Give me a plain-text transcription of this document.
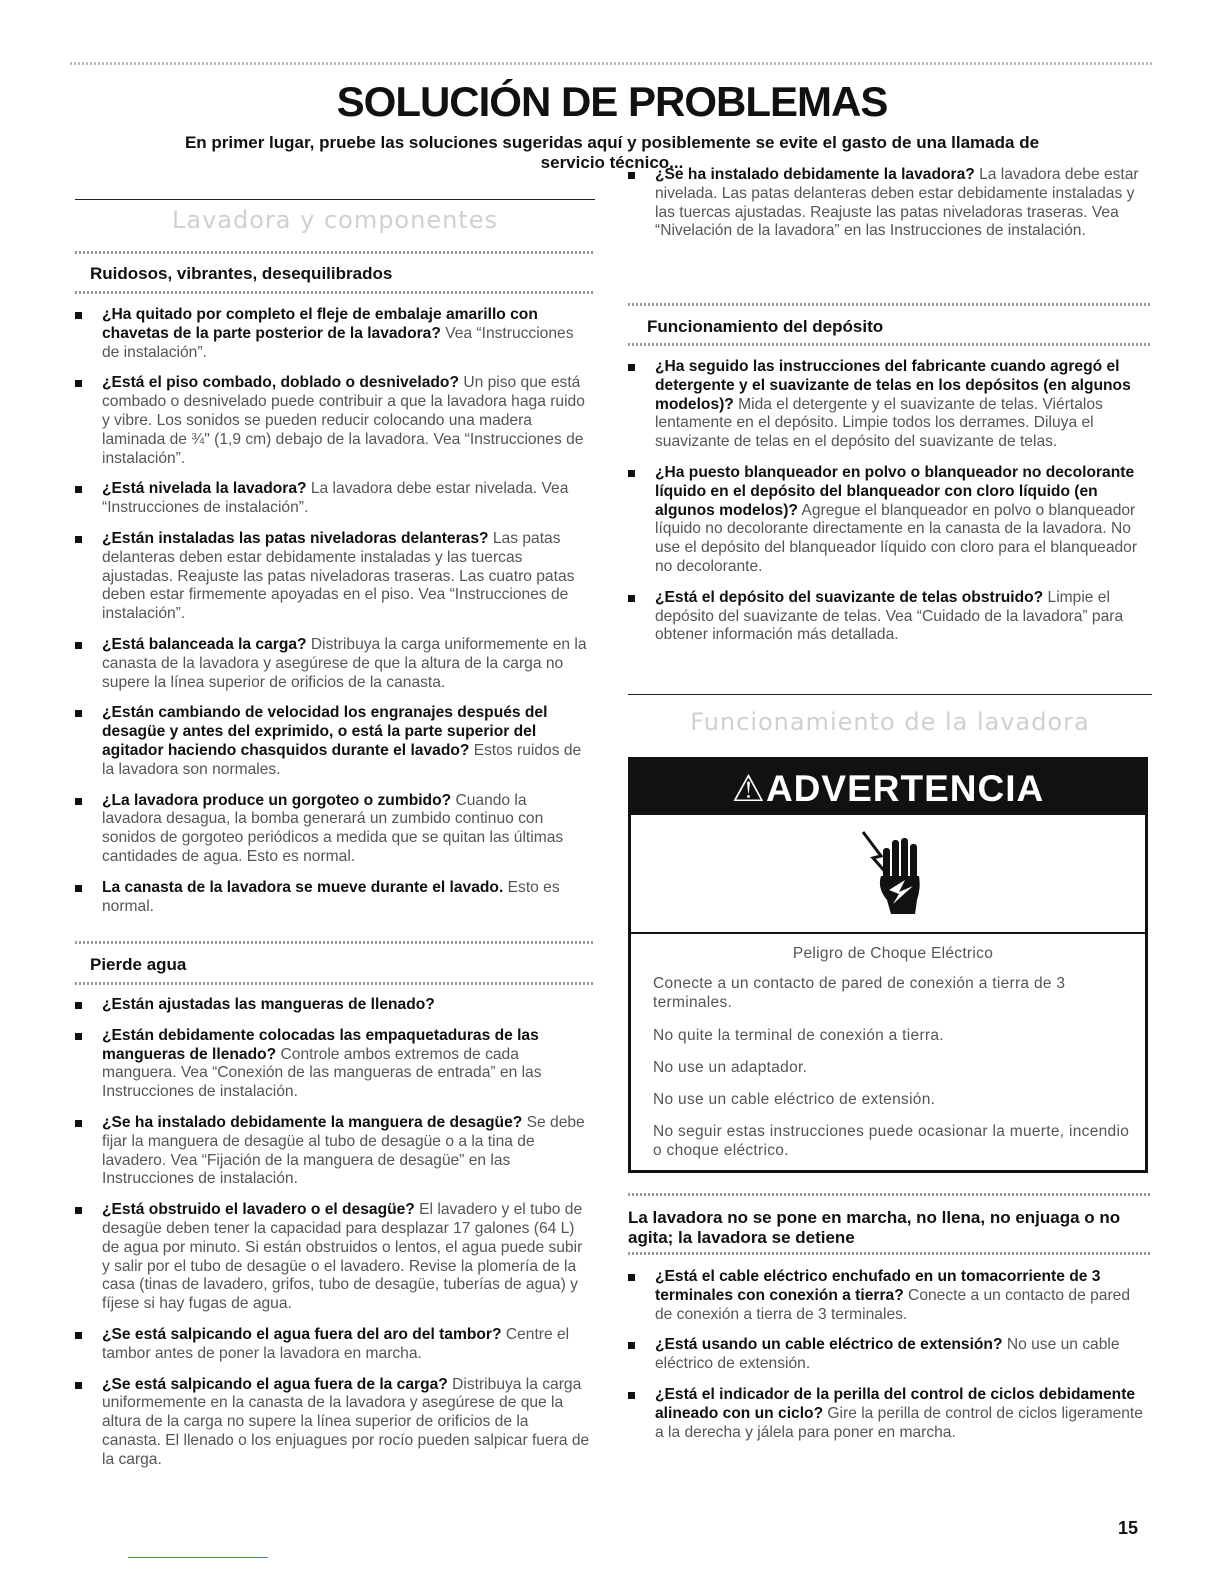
SOLUCIÓN DE PROBLEMAS
En primer lugar, pruebe las soluciones sugeridas aquí y posiblemente se evite el gasto de una llamada de servicio técnico...
Lavadora y componentes
Ruidosos, vibrantes, desequilibrados
¿Ha quitado por completo el fleje de embalaje amarillo con chavetas de la parte posterior de la lavadora? Vea “Instrucciones de instalación”.
¿Está el piso combado, doblado o desnivelado? Un piso que está combado o desnivelado puede contribuir a que la lavadora haga ruido y vibre. Los sonidos se pueden reducir colocando una madera laminada de ¾" (1,9 cm) debajo de la lavadora. Vea “Instrucciones de instalación”.
¿Está nivelada la lavadora? La lavadora debe estar nivelada. Vea “Instrucciones de instalación”.
¿Están instaladas las patas niveladoras delanteras? Las patas delanteras deben estar debidamente instaladas y las tuercas ajustadas. Reajuste las patas niveladoras traseras. Las cuatro patas deben estar firmemente apoyadas en el piso. Vea “Instrucciones de instalación”.
¿Está balanceada la carga? Distribuya la carga uniformemente en la canasta de la lavadora y asegúrese de que la altura de la carga no supere la línea superior de orificios de la canasta.
¿Están cambiando de velocidad los engranajes después del desagüe y antes del exprimido, o está la parte superior del agitador haciendo chasquidos durante el lavado? Estos ruidos de la lavadora son normales.
¿La lavadora produce un gorgoteo o zumbido? Cuando la lavadora desagua, la bomba generará un zumbido continuo con sonidos de gorgoteo periódicos a medida que se quitan las últimas cantidades de agua. Esto es normal.
La canasta de la lavadora se mueve durante el lavado. Esto es normal.
Pierde agua
¿Están ajustadas las mangueras de llenado?
¿Están debidamente colocadas las empaquetaduras de las mangueras de llenado? Controle ambos extremos de cada manguera. Vea “Conexión de las mangueras de entrada” en las Instrucciones de instalación.
¿Se ha instalado debidamente la manguera de desagüe? Se debe fijar la manguera de desagüe al tubo de desagüe o a la tina de lavadero. Vea “Fijación de la manguera de desagüe” en las Instrucciones de instalación.
¿Está obstruido el lavadero o el desagüe? El lavadero y el tubo de desagüe deben tener la capacidad para desplazar 17 galones (64 L) de agua por minuto. Si están obstruidos o lentos, el agua puede subir y salir por el tubo de desagüe o el lavadero. Revise la plomería de la casa (tinas de lavadero, grifos, tubo de desagüe, tuberías de agua) y fíjese si hay fugas de agua.
¿Se está salpicando el agua fuera del aro del tambor? Centre el tambor antes de poner la lavadora en marcha.
¿Se está salpicando el agua fuera de la carga? Distribuya la carga uniformemente en la canasta de la lavadora y asegúrese de que la altura de la carga no supere la línea superior de orificios de la canasta. El llenado o los enjuagues por rocío pueden salpicar fuera de la carga.
¿Se ha instalado debidamente la lavadora? La lavadora debe estar nivelada. Las patas delanteras deben estar debidamente instaladas y las tuercas ajustadas. Reajuste las patas niveladoras traseras. Vea “Nivelación de la lavadora” en las Instrucciones de instalación.
Funcionamiento del depósito
¿Ha seguido las instrucciones del fabricante cuando agregó el detergente y el suavizante de telas en los depósitos (en algunos modelos)? Mida el detergente y el suavizante de telas. Viértalos lentamente en el depósito. Limpie todos los derrames. Diluya el suavizante de telas en el depósito del suavizante de telas.
¿Ha puesto blanqueador en polvo o blanqueador no decolorante líquido en el depósito del blanqueador con cloro líquido (en algunos modelos)? Agregue el blanqueador en polvo o blanqueador líquido no decolorante directamente en la canasta de la lavadora. No use el depósito del blanqueador líquido con cloro para el blanqueador no decolorante.
¿Está el depósito del suavizante de telas obstruido? Limpie el depósito del suavizante de telas. Vea “Cuidado de la lavadora” para obtener información más detallada.
Funcionamiento de la lavadora
⚠ADVERTENCIA
Peligro de Choque Eléctrico
Conecte a un contacto de pared de conexión a tierra de 3 terminales.
No quite la terminal de conexión a tierra.
No use un adaptador.
No use un cable eléctrico de extensión.
No seguir estas instrucciones puede ocasionar la muerte, incendio o choque eléctrico.
La lavadora no se pone en marcha, no llena, no enjuaga o no agita; la lavadora se detiene
¿Está el cable eléctrico enchufado en un tomacorriente de 3 terminales con conexión a tierra? Conecte a un contacto de pared de conexión a tierra de 3 terminales.
¿Está usando un cable eléctrico de extensión? No use un cable eléctrico de extensión.
¿Está el indicador de la perilla del control de ciclos debidamente alineado con un ciclo? Gire la perilla de control de ciclos ligeramente a la derecha y jálela para poner en marcha.
15
